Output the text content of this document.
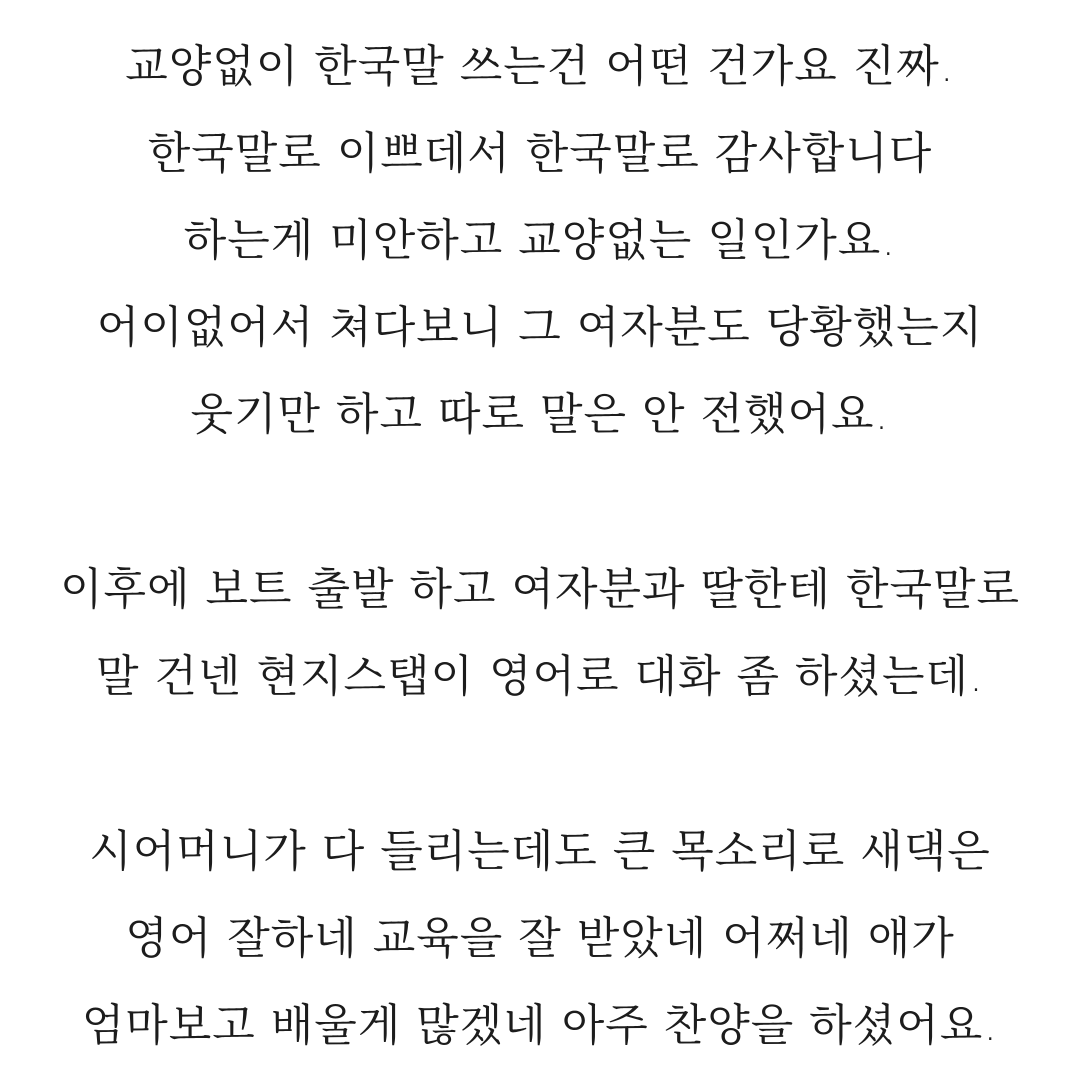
교양없이 한국말 쓰는건 어떤 건가요 진짜.
한국말로 이쁘데서 한국말로 감사합니다
하는게 미안하고 교양없는 일인가요.
어이없어서 쳐다보니 그 여자분도 당황했는지
웃기만 하고 따로 말은 안 전했어요.
이후에 보트 출발 하고 여자분과 딸한테 한국말로
말 건넨 현지스탭이 영어로 대화 좀 하셨는데.
시어머니가 다 들리는데도 큰 목소리로 새댁은
영어 잘하네 교육을 잘 받았네 어쩌네 애가
엄마보고 배울게 많겠네 아주 찬양을 하셨어요.
